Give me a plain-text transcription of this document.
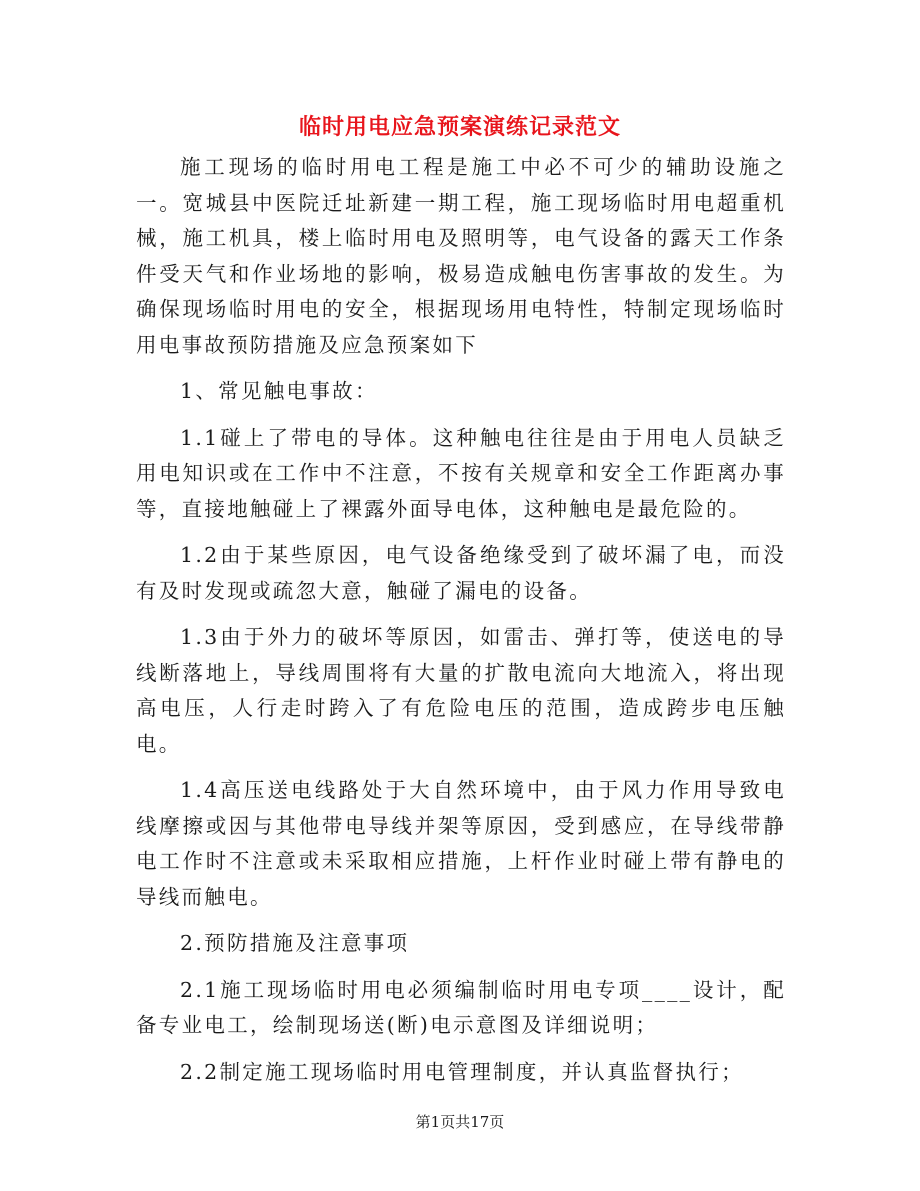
临时用电应急预案演练记录范文

施工现场的临时用电工程是施工中必不可少的辅助设施之一。宽城县中医院迁址新建一期工程，施工现场临时用电超重机械，施工机具，楼上临时用电及照明等，电气设备的露天工作条件受天气和作业场地的影响，极易造成触电伤害事故的发生。为确保现场临时用电的安全，根据现场用电特性，特制定现场临时用电事故预防措施及应急预案如下

1、常见触电事故：

1.1碰上了带电的导体。这种触电往往是由于用电人员缺乏用电知识或在工作中不注意，不按有关规章和安全工作距离办事等，直接地触碰上了裸露外面导电体，这种触电是最危险的。

1.2由于某些原因，电气设备绝缘受到了破坏漏了电，而没有及时发现或疏忽大意，触碰了漏电的设备。

1.3由于外力的破坏等原因，如雷击、弹打等，使送电的导线断落地上，导线周围将有大量的扩散电流向大地流入，将出现高电压，人行走时跨入了有危险电压的范围，造成跨步电压触电。

1.4高压送电线路处于大自然环境中，由于风力作用导致电线摩擦或因与其他带电导线并架等原因，受到感应，在导线带静电工作时不注意或未采取相应措施，上杆作业时碰上带有静电的导线而触电。

2.预防措施及注意事项

2.1施工现场临时用电必须编制临时用电专项____设计，配备专业电工，绘制现场送(断)电示意图及详细说明；

2.2制定施工现场临时用电管理制度，并认真监督执行；

第1页共17页
